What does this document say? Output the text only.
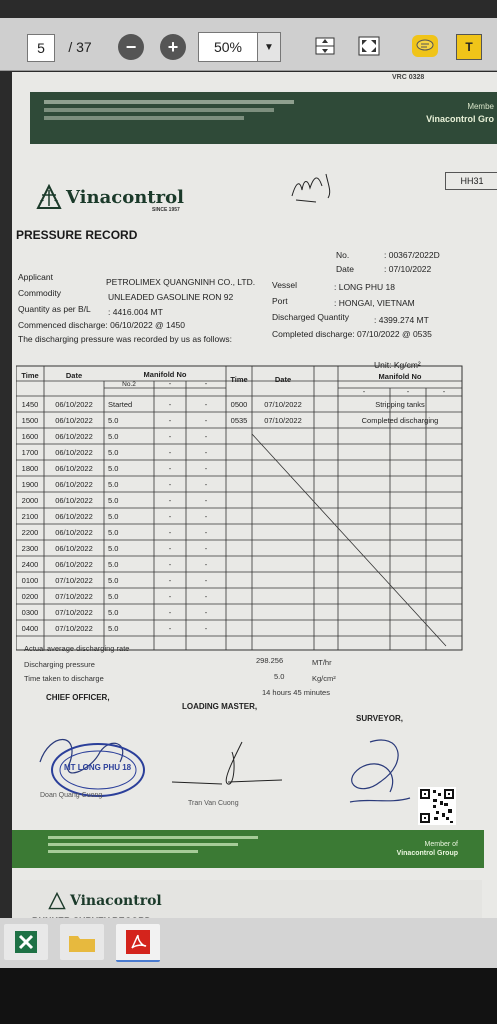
5	/ 37	−	+	50%	▼	T
VRC 0328
Membe
Vinacontrol Gro
HH31
Vinacontrol
SINCE 1957
PRESSURE RECORD
No.	: 00367/2022D
Date	: 07/10/2022
Applicant	PETROLIMEX QUANGNINH CO., LTD.
Commodity	UNLEADED GASOLINE RON 92
Quantity as per B/L : 4416.004 MT
Commenced discharge: 06/10/2022 @ 1450
The discharging pressure was recorded by us as follows:
Vessel	: LONG PHU 18
Port	: HONGAI, VIETNAM
Discharged Quantity	: 4399.274 MT
Completed discharge: 07/10/2022 @ 0535
Unit: Kg/cm²
Time	Date	Manifold No
No.2	-	-	Time	Date	Manifold No
-	-	-
1450 06/10/2022 Started	-	-
1500 06/10/2022 5.0	-	-
1600 06/10/2022 5.0	-	-
1700 06/10/2022 5.0	-	-
1800 06/10/2022 5.0	-	-
1900 06/10/2022 5.0	-	-
2000 06/10/2022 5.0	-	-
2100 06/10/2022 5.0	-	-
2200 06/10/2022 5.0	-	-
2300 06/10/2022 5.0	-	-
2400 06/10/2022 5.0	-	-
0100 07/10/2022 5.0	-	-
0200 07/10/2022 5.0	-	-
0300 07/10/2022 5.0	-	-
0400 07/10/2022 5.0	-	-
0500 07/10/2022	Stripping tanks
0535 07/10/2022	Completed discharging
Actual average discharging rate
298.256	MT/hr
Discharging pressure
5.0	Kg/cm²
Time taken to discharge
14 hours 45 minutes
CHIEF OFFICER,
LOADING MASTER,
SURVEYOR,
MT LONG PHU 18
Doan Quang Cuong
Tran Van Cuong
Member of
Vinacontrol Group
Vinacontrol
